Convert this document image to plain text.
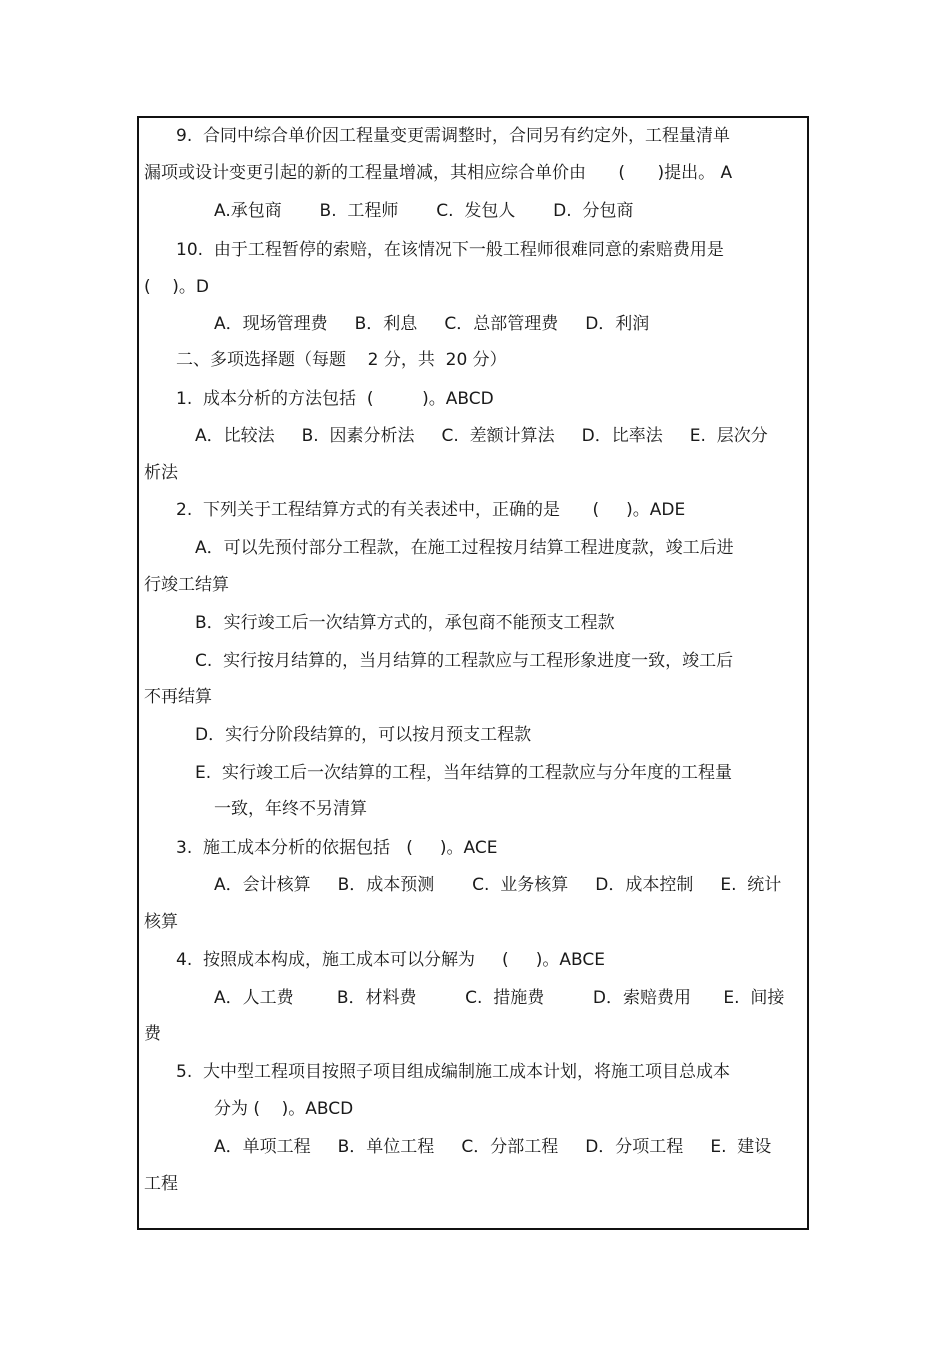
9.  合同中综合单价因工程量变更需调整时，合同另有约定外，工程量清单
漏项或设计变更引起的新的工程量增减，其相应综合单价由      (      )提出。 A
A.承包商       B.  工程师       C.  发包人       D.  分包商
10.  由于工程暂停的索赔，在该情况下一般工程师很难同意的索赔费用是
(    )。D
A．现场管理费     B．利息     C．总部管理费     D．利润
二、多项选择题（每题    2 分，共  20 分）
1.  成本分析的方法包括  (         )。ABCD
A．比较法     B.  因素分析法     C.  差额计算法     D．比率法     E.  层次分
析法
2.  下列关于工程结算方式的有关表述中，正确的是      (     )。ADE
A．可以先预付部分工程款，在施工过程按月结算工程进度款，竣工后进
行竣工结算
B．实行竣工后一次结算方式的，承包商不能预支工程款
C.  实行按月结算的，当月结算的工程款应与工程形象进度一致，竣工后
不再结算
D．实行分阶段结算的，可以按月预支工程款
E.  实行竣工后一次结算的工程，当年结算的工程款应与分年度的工程量
一致，年终不另清算
3.  施工成本分析的依据包括   (     )。ACE
A．会计核算     B．成本预测       C.  业务核算     D．成本控制     E.  统计
核算
4.  按照成本构成，施工成本可以分解为     (     )。ABCE
A．人工费        B．材料费         C.  措施费         D．索赔费用      E.  间接
费
5.  大中型工程项目按照子项目组成编制施工成本计划，将施工项目总成本
分为 (    )。ABCD
A．单项工程     B．单位工程     C．分部工程     D．分项工程     E.  建设
工程
